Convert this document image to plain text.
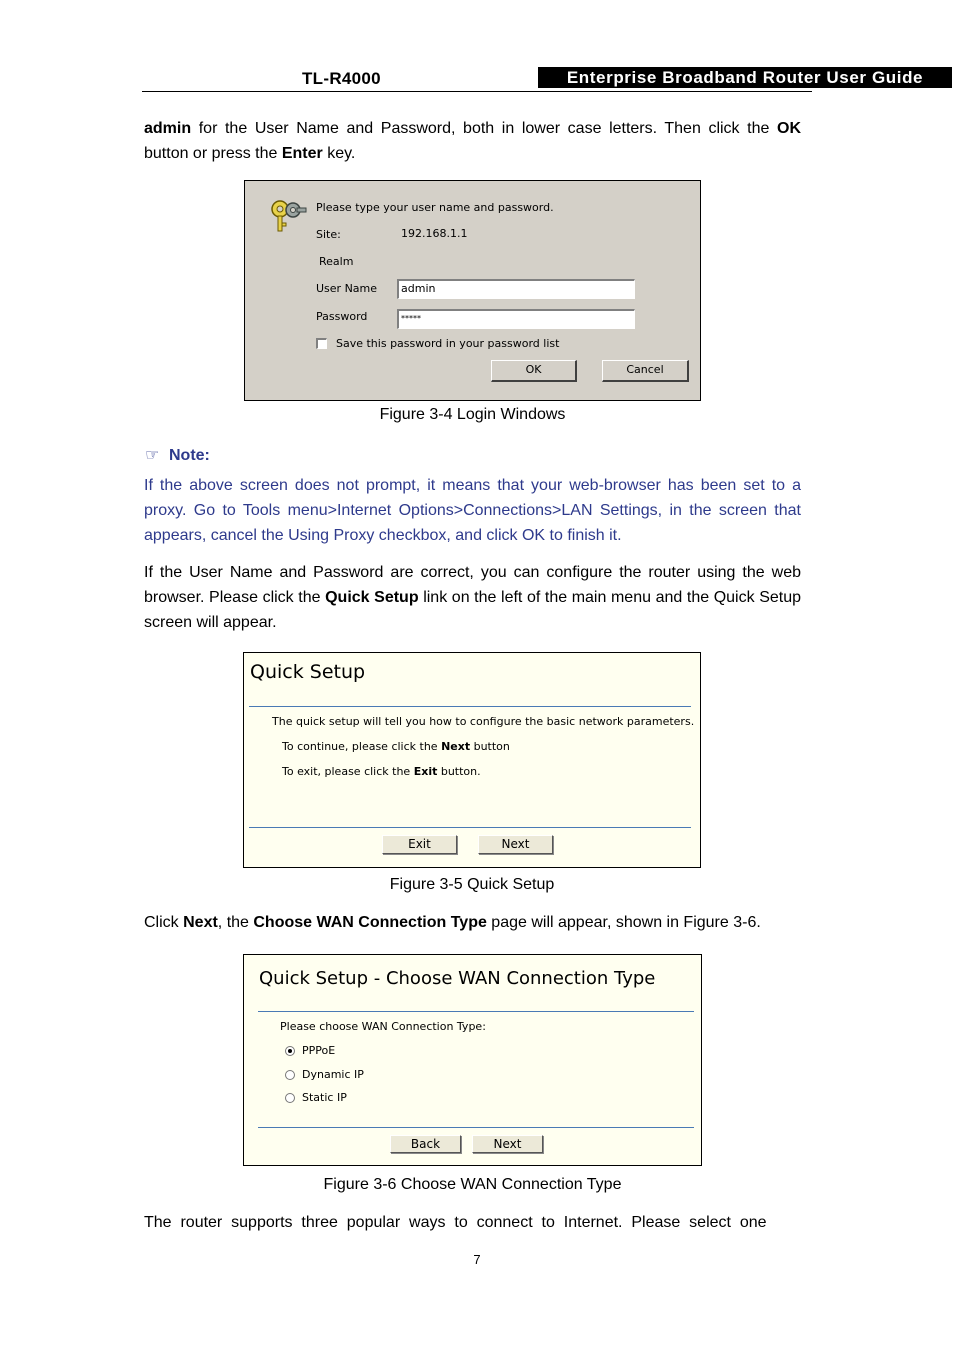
TL-R4000	Enterprise Broadband Router User Guide
admin for the User Name and Password, both in lower case letters. Then click the OK button or press the Enter key.
Please type your user name and password.
Site:	192.168.1.1
Realm
User Name	admin
Password	*****
Save this password in your password list
OK	Cancel
Figure 3-4 Login Windows
☞ Note:
If the above screen does not prompt, it means that your web-browser has been set to a proxy. Go to Tools menu>Internet Options>Connections>LAN Settings, in the screen that appears, cancel the Using Proxy checkbox, and click OK to finish it.
If the User Name and Password are correct, you can configure the router using the web browser. Please click the Quick Setup link on the left of the main menu and the Quick Setup screen will appear.
Quick Setup
The quick setup will tell you how to configure the basic network parameters.
To continue, please click the Next button
To exit, please click the Exit button.
Exit	Next
Figure 3-5 Quick Setup
Click Next, the Choose WAN Connection Type page will appear, shown in Figure 3-6.
Quick Setup - Choose WAN Connection Type
Please choose WAN Connection Type:
PPPoE
Dynamic IP
Static IP
Back	Next
Figure 3-6 Choose WAN Connection Type
The  router  supports  three  popular  ways  to  connect  to  Internet.  Please  select  one
7
